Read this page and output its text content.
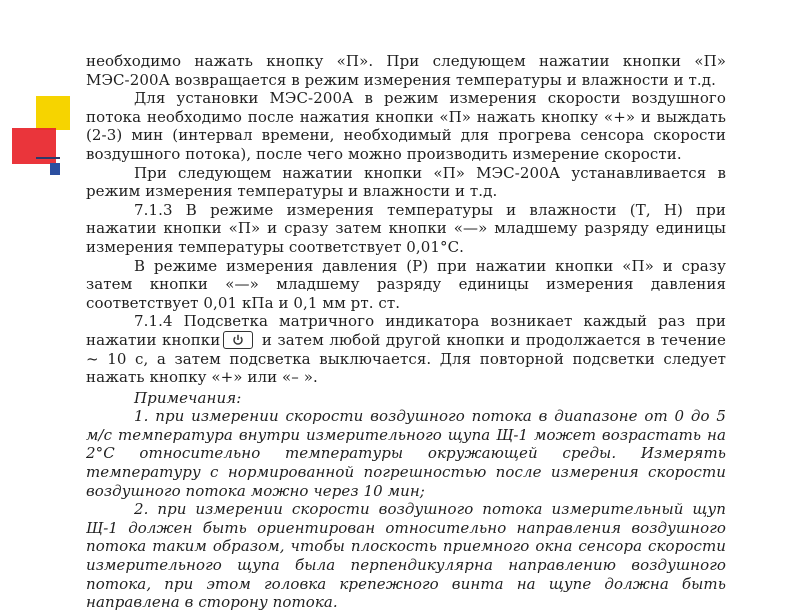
необходимо нажать кнопку «П». При следующем нажатии кнопки «П» МЭС-200А возвращается в режим измерения температуры и влажности и т.д.

Для установки МЭС-200А в режим измерения скорости воздушного потока необходимо после нажатия кнопки «П» нажать кнопку «+» и выждать (2-3) мин (интервал времени, необходимый для прогрева сенсора скорости воздушного потока), после чего можно производить измерение скорости.

При следующем нажатии кнопки «П» МЭС-200А устанавливается в режим измерения температуры и влажности и т.д.

7.1.3 В режиме измерения температуры и влажности (Т, Н) при нажатии кнопки «П» и сразу затем кнопки «—» младшему разряду единицы измерения температуры соответствует 0,01°С.

В режиме измерения давления (Р) при нажатии кнопки «П» и сразу затем кнопки «—» младшему разряду единицы измерения давления соответствует 0,01 кПа и 0,1 мм рт. ст.

7.1.4 Подсветка матричного индикатора возникает каждый раз при нажатии кнопки	и затем любой другой кнопки и продолжается в течение ~ 10 с, а затем подсветка выключается. Для повторной подсветки следует нажать кнопку «+» или «– ».

Примечания:

1. при измерении скорости воздушного потока в диапазоне от 0 до 5 м/с температура внутри измерительного щупа Щ-1 может возрастать на 2°С относительно температуры окружающей среды. Измерять температуру с нормированной погрешностью после измерения скорости воздушного потока можно через 10 мин;

2. при измерении скорости воздушного потока измерительный щуп Щ-1 должен быть ориентирован относительно направления воздушного потока таким образом, чтобы плоскость приемного окна сенсора скорости измерительного щупа была перпендикулярна направлению воздушного потока, при этом головка крепежного винта на щупе должна быть направлена в сторону потока.
